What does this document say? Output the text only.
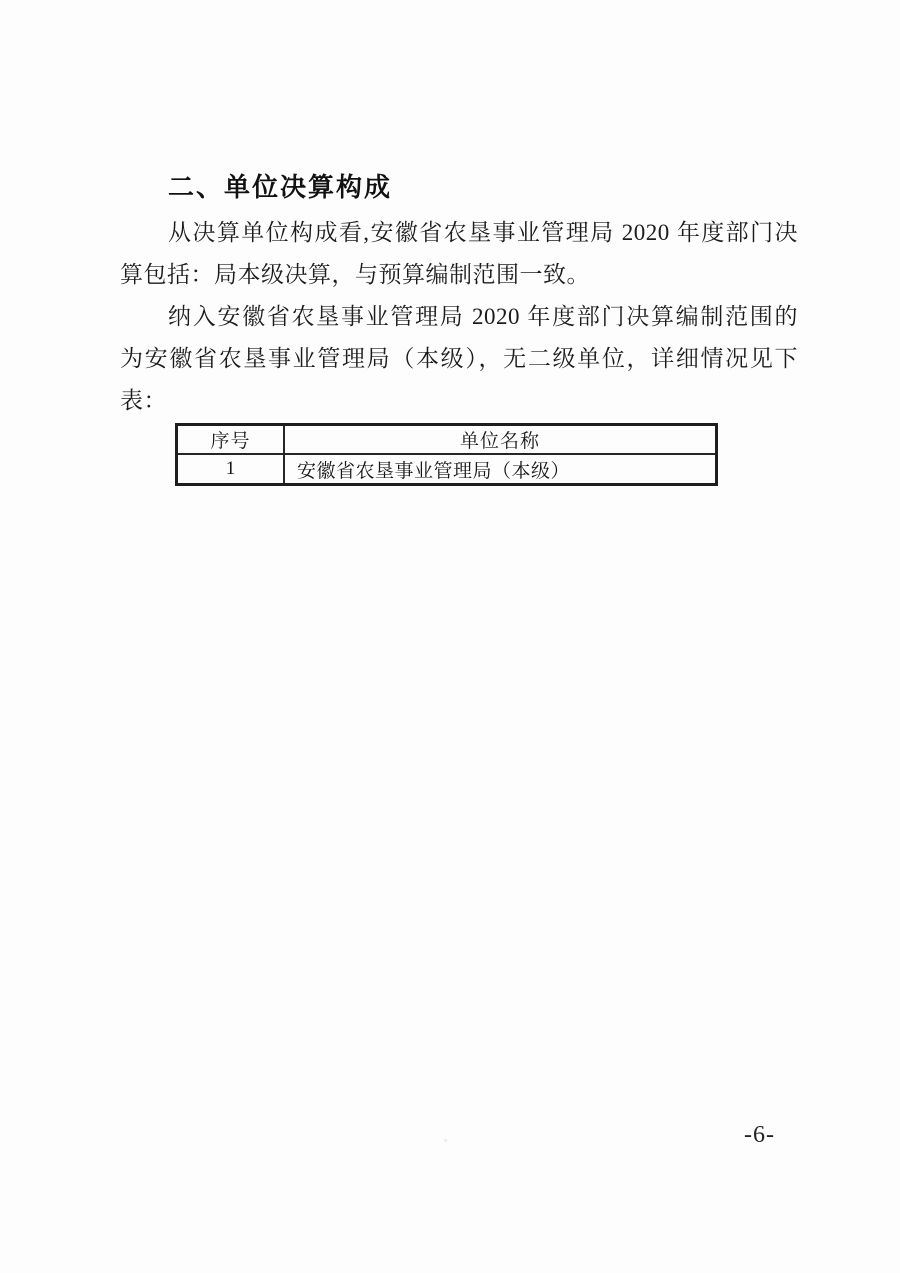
二、单位决算构成
从决算单位构成看,安徽省农垦事业管理局 2020 年度部门决
算包括：局本级决算，与预算编制范围一致。
纳入安徽省农垦事业管理局 2020 年度部门决算编制范围的
为安徽省农垦事业管理局（本级），无二级单位，详细情况见下
表：
序号	单位名称
1	安徽省农垦事业管理局（本级）
-6-
